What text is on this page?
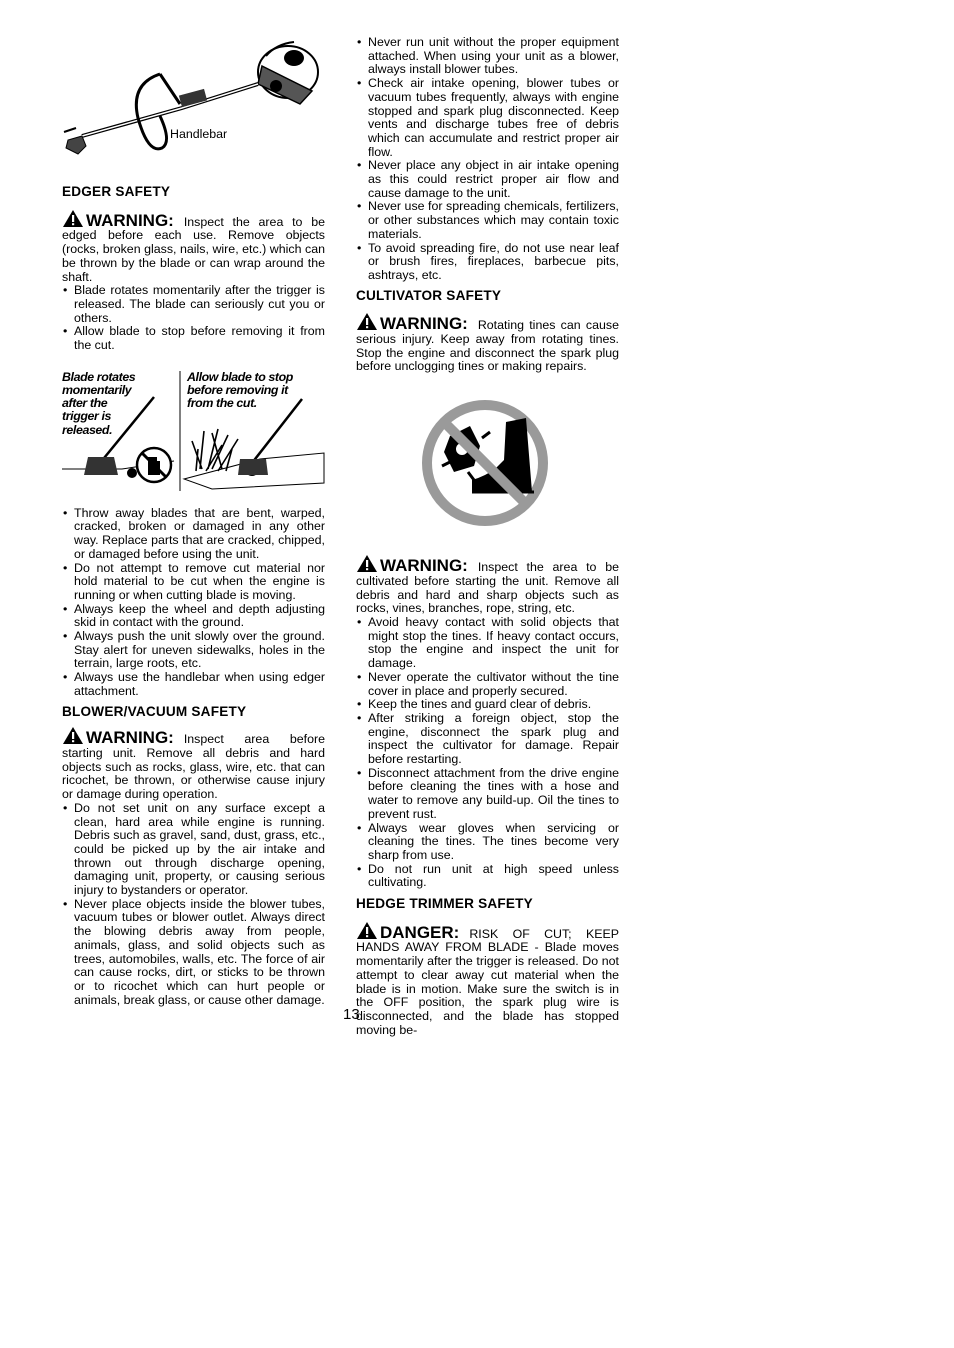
Handlebar
EDGER SAFETY

WARNING: Inspect the area to be edged before each use. Remove objects (rocks, broken glass, nails, wire, etc.) which can be thrown by the blade or can wrap around the shaft.

• Blade rotates momentarily after the trigger is released. The blade can seriously cut you or others.
• Allow blade to stop before removing it from the cut.
Blade rotates momentarily after the trigger is released.
Allow blade to stop before removing it from the cut.
• Throw away blades that are bent, warped, cracked, broken or damaged in any other way. Replace parts that are cracked, chipped, or damaged before using the unit.
• Do not attempt to remove cut material nor hold material to be cut when the engine is running or when cutting blade is moving.
• Always keep the wheel and depth adjusting skid in contact with the ground.
• Always push the unit slowly over the ground. Stay alert for uneven sidewalks, holes in the terrain, large roots, etc.
• Always use the handlebar when using edger attachment.
BLOWER/VACUUM SAFETY

WARNING: Inspect area before starting unit. Remove all debris and hard objects such as rocks, glass, wire, etc. that can ricochet, be thrown, or otherwise cause injury or damage during operation.

• Do not set unit on any surface except a clean, hard area while engine is running. Debris such as gravel, sand, dust, grass, etc., could be picked up by the air intake and thrown out through discharge opening, damaging unit, property, or causing serious injury to bystanders or operator.
• Never place objects inside the blower tubes, vacuum tubes or blower outlet. Always direct the blowing debris away from people, animals, glass, and solid objects such as trees, automobiles, walls, etc. The force of air can cause rocks, dirt, or sticks to be thrown or to ricochet which can hurt people or animals, break glass, or cause other damage.
• Never run unit without the proper equipment attached. When using your unit as a blower, always install blower tubes.
• Check air intake opening, blower tubes or vacuum tubes frequently, always with engine stopped and spark plug disconnected. Keep vents and discharge tubes free of debris which can accumulate and restrict proper air flow.
• Never place any object in air intake opening as this could restrict proper air flow and cause damage to the unit.
• Never use for spreading chemicals, fertilizers, or other substances which may contain toxic materials.
• To avoid spreading fire, do not use near leaf or brush fires, fireplaces, barbecue pits, ashtrays, etc.
CULTIVATOR SAFETY

WARNING: Rotating tines can cause serious injury. Keep away from rotating tines. Stop the engine and disconnect the spark plug before unclogging tines or making repairs.

WARNING: Inspect the area to be cultivated before starting the unit. Remove all debris and hard and sharp objects such as rocks, vines, branches, rope, string, etc.

• Avoid heavy contact with solid objects that might stop the tines. If heavy contact occurs, stop the engine and inspect the unit for damage.
• Never operate the cultivator without the tine cover in place and properly secured.
• Keep the tines and guard clear of debris.
• After striking a foreign object, stop the engine, disconnect the spark plug and inspect the cultivator for damage. Repair before restarting.
• Disconnect attachment from the drive engine before cleaning the tines with a hose and water to remove any build-up. Oil the tines to prevent rust.
• Always wear gloves when servicing or cleaning the tines. The tines become very sharp from use.
• Do not run unit at high speed unless cultivating.
HEDGE TRIMMER SAFETY

DANGER: RISK OF CUT; KEEP HANDS AWAY FROM BLADE - Blade moves momentarily after the trigger is released. Do not attempt to clear away cut material when the blade is in motion. Make sure the switch is in the OFF position, the spark plug wire is disconnected, and the blade has stopped moving be-

13
